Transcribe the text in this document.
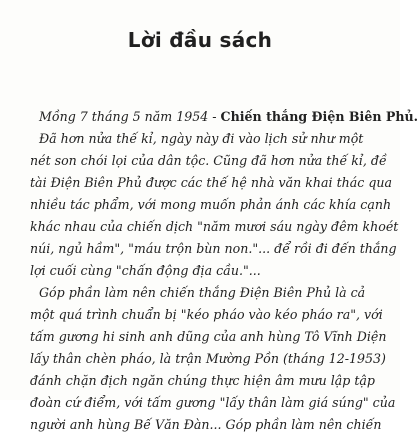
Lời đầu sách
Mồng 7 tháng 5 năm 1954 - Chiến thắng Điện Biên Phủ.
Đã hơn nửa thế kỉ, ngày này đi vào lịch sử như một
nét son chói lọi của dân tộc. Cũng đã hơn nửa thế kỉ, đề
tài Điện Biên Phủ được các thế hệ nhà văn khai thác qua
nhiều tác phẩm, với mong muốn phản ánh các khía cạnh
khác nhau của chiến dịch "năm mươi sáu ngày đêm khoét
núi, ngủ hầm", "máu trộn bùn non."... để rồi đi đến thắng
lợi cuối cùng "chấn động địa cầu."...
Góp phần làm nên chiến thắng Điện Biên Phủ là cả
một quá trình chuẩn bị "kéo pháo vào kéo pháo ra", với
tấm gương hi sinh anh dũng của anh hùng Tô Vĩnh Diện
lấy thân chèn pháo, là trận Mường Pồn (tháng 12-1953)
đánh chặn địch ngăn chúng thực hiện âm mưu lập tập
đoàn cứ điểm, với tấm gương "lấy thân làm giá súng" của
người anh hùng Bế Văn Đàn... Góp phần làm nên chiến
